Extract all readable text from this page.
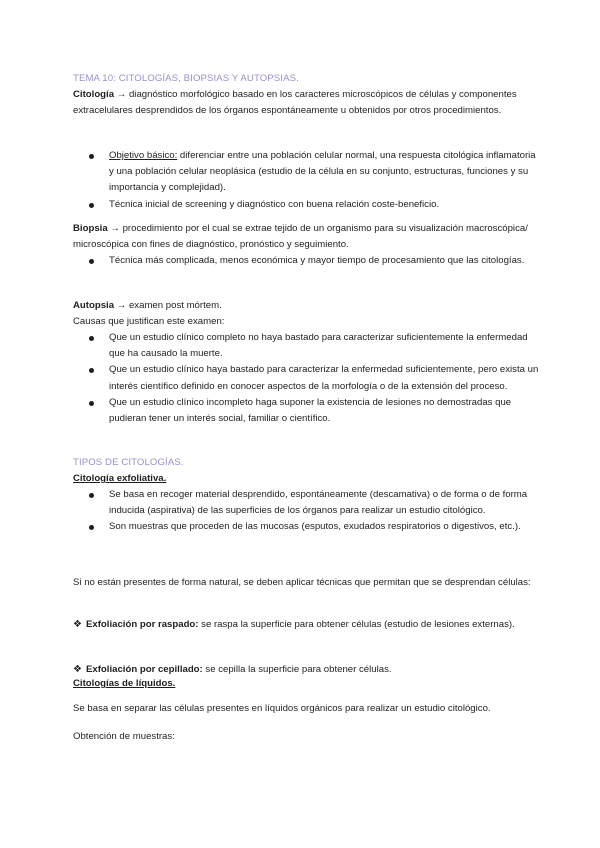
TEMA 10: CITOLOGÍAS, BIOPSIAS Y AUTOPSIAS.

Citología → diagnóstico morfológico basado en los caracteres microscópicos de células y componentes extracelulares desprendidos de los órganos espontáneamente u obtenidos por otros procedimientos.

Objetivo básico: diferenciar entre una población celular normal, una respuesta citológica inflamatoria y una población celular neoplásica (estudio de la célula en su conjunto, estructuras, funciones y su importancia y complejidad).
Técnica inicial de screening y diagnóstico con buena relación coste-beneficio.

Biopsia → procedimiento por el cual se extrae tejido de un organismo para su visualización macroscópica/ microscópica con fines de diagnóstico, pronóstico y seguimiento.

Técnica más complicada, menos económica y mayor tiempo de procesamiento que las citologías.

Autopsia → examen post mórtem.

Causas que justifican este examen:

Que un estudio clínico completo no haya bastado para caracterizar suficientemente la enfermedad que ha causado la muerte.
Que un estudio clínico haya bastado para caracterizar la enfermedad suficientemente, pero exista un interés científico definido en conocer aspectos de la morfología o de la extensión del proceso.
Que un estudio clínico incompleto haga suponer la existencia de lesiones no demostradas que pudieran tener un interés social, familiar o científico.
TIPOS DE CITOLOGÍAS.
Citología exfoliativa.
Se basa en recoger material desprendido, espontáneamente (descamativa) o de forma o de forma inducida (aspirativa) de las superficies de los órganos para realizar un estudio citológico.
Son muestras que proceden de las mucosas (esputos, exudados respiratorios o digestivos, etc.).

Si no están presentes de forma natural, se deben aplicar técnicas que permitan que se desprendan células:

❖ Exfoliación por raspado: se raspa la superficie para obtener células (estudio de lesiones externas).

❖ Exfoliación por cepillado: se cepilla la superficie para obtener células.

Citologías de líquidos.

Se basa en separar las células presentes en líquidos orgánicos para realizar un estudio citológico.

Obtención de muestras:
